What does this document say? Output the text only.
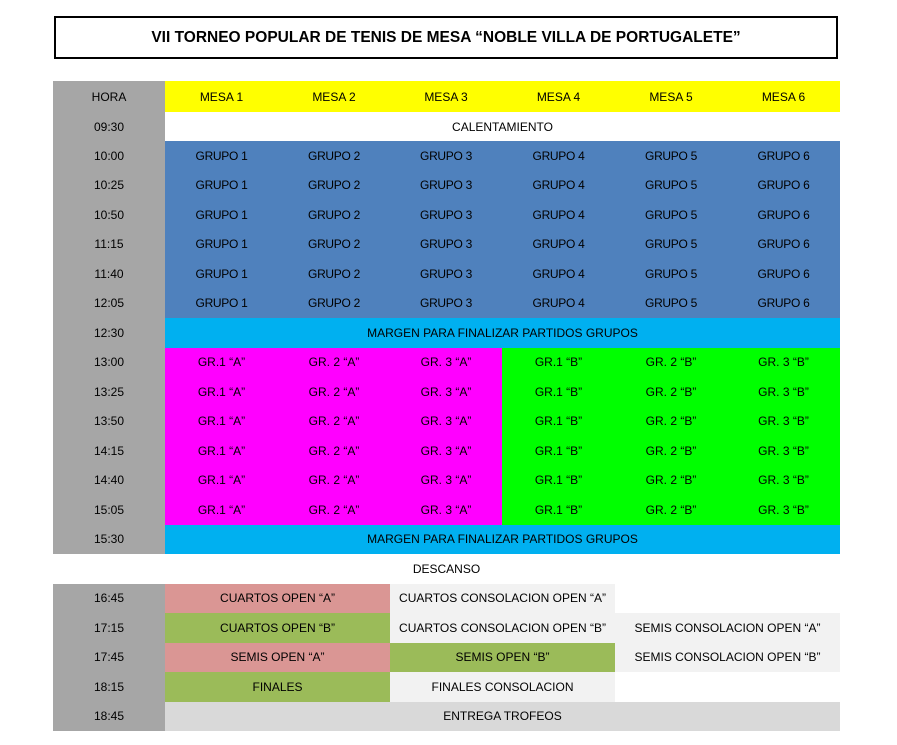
VII TORNEO POPULAR DE TENIS DE MESA “NOBLE VILLA DE PORTUGALETE”
HORA	MESA 1	MESA 2	MESA 3	MESA 4	MESA 5	MESA 6
09:30	CALENTAMIENTO					
10:00	GRUPO 1	GRUPO 2	GRUPO 3	GRUPO 4	GRUPO 5	GRUPO 6
10:25	GRUPO 1	GRUPO 2	GRUPO 3	GRUPO 4	GRUPO 5	GRUPO 6
10:50	GRUPO 1	GRUPO 2	GRUPO 3	GRUPO 4	GRUPO 5	GRUPO 6
11:15	GRUPO 1	GRUPO 2	GRUPO 3	GRUPO 4	GRUPO 5	GRUPO 6
11:40	GRUPO 1	GRUPO 2	GRUPO 3	GRUPO 4	GRUPO 5	GRUPO 6
12:05	GRUPO 1	GRUPO 2	GRUPO 3	GRUPO 4	GRUPO 5	GRUPO 6
12:30	MARGEN PARA FINALIZAR PARTIDOS GRUPOS					
13:00	GR.1 “A”	GR. 2 “A”	GR. 3 “A”	GR.1 “B”	GR. 2 “B”	GR. 3 “B”
13:25	GR.1 “A”	GR. 2 “A”	GR. 3 “A”	GR.1 “B”	GR. 2 “B”	GR. 3 “B”
13:50	GR.1 “A”	GR. 2 “A”	GR. 3 “A”	GR.1 “B”	GR. 2 “B”	GR. 3 “B”
14:15	GR.1 “A”	GR. 2 “A”	GR. 3 “A”	GR.1 “B”	GR. 2 “B”	GR. 3 “B”
14:40	GR.1 “A”	GR. 2 “A”	GR. 3 “A”	GR.1 “B”	GR. 2 “B”	GR. 3 “B”
15:05	GR.1 “A”	GR. 2 “A”	GR. 3 “A”	GR.1 “B”	GR. 2 “B”	GR. 3 “B”
15:30	MARGEN PARA FINALIZAR PARTIDOS GRUPOS					
DESCANSO						
16:45	CUARTOS OPEN “A”		CUARTOS CONSOLACION OPEN “A”			
17:15	CUARTOS OPEN “B”		CUARTOS CONSOLACION OPEN “B”		SEMIS CONSOLACION OPEN “A”	
17:45	SEMIS OPEN “A”		SEMIS OPEN “B”		SEMIS CONSOLACION OPEN “B”	
18:15	FINALES		FINALES CONSOLACION			
18:45	ENTREGA TROFEOS					
